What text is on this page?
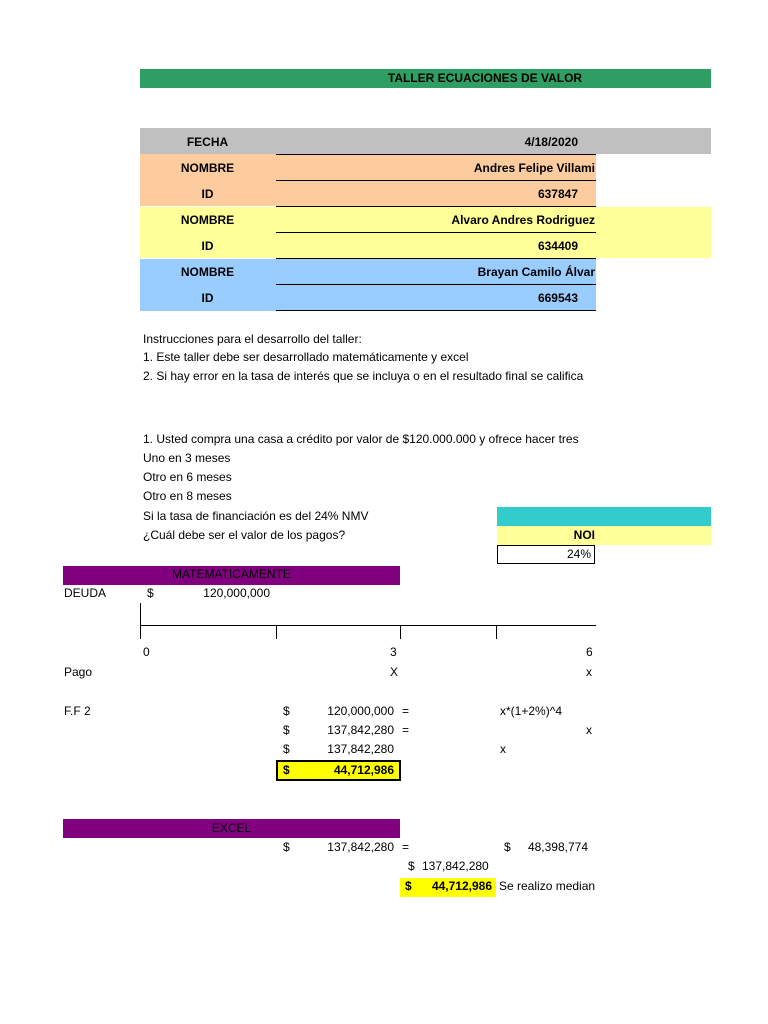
TALLER ECUACIONES DE VALOR
FECHA	4/18/2020
NOMBRE	Andres Felipe Villami
ID	637847
NOMBRE	Alvaro Andres Rodriguez
ID	634409
NOMBRE	Brayan Camilo Álvar
ID	669543
Instrucciones para el desarrollo del taller:
1. Este taller debe ser desarrollado matemáticamente y excel
2. Si hay error en la tasa de interés que se incluya o en el resultado final se califica
1. Usted compra una casa a crédito por valor de $120.000.000 y ofrece hacer tres
Uno en 3 meses
Otro en 6 meses
Otro en 8 meses
Si la tasa de financiación es del 24% NMV
¿Cuál debe ser el valor de los pagos?	NOI
24%
MATEMATICAMENTE
DEUDA	$	120,000,000
0	3	6
Pago	X	x
F.F 2	$	120,000,000 =	x*(1+2%)^4
$	137,842,280 =	x
$	137,842,280	x
$	44,712,986
EXCEL
$	137,842,280 =	$	48,398,774
$ 137,842,280
$	44,712,986 Se realizo median
